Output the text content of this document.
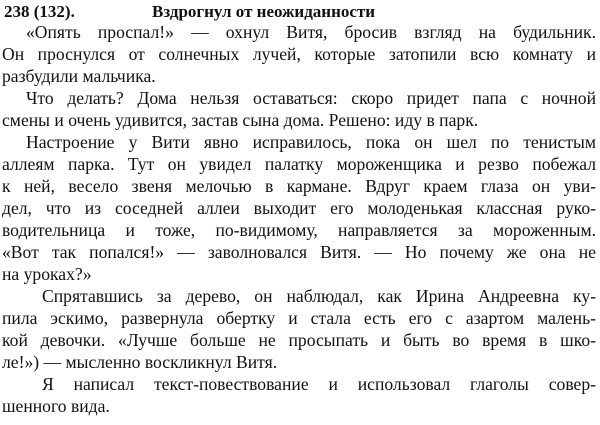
238 (132).	Вздрогнул от неожиданности
«Опять проспал!» — охнул Витя, бросив взгляд на будильник.
Он проснулся от солнечных лучей, которые затопили всю комнату и
разбудили мальчика.
Что делать? Дома нельзя оставаться: скоро придет папа с ночной
смены и очень удивится, застав сына дома. Решено: иду в парк.
Настроение у Вити явно исправилось, пока он шел по тенистым
аллеям парка. Тут он увидел палатку мороженщика и резво побежал
к ней, весело звеня мелочью в кармане. Вдруг краем глаза он уви-
дел, что из соседней аллеи выходит его молоденькая классная руко-
водительница и тоже, по-видимому, направляется за мороженным.
«Вот так попался!» — заволновался Витя. — Но почему же она не
на уроках?»
Спрятавшись за дерево, он наблюдал, как Ирина Андреевна ку-
пила эскимо, развернула обертку и стала есть его с азартом малень-
кой девочки. «Лучше больше не просыпать и быть во время в шко-
ле!») — мысленно воскликнул Витя.
Я написал текст-повествование и использовал глаголы совер-
шенного вида.
